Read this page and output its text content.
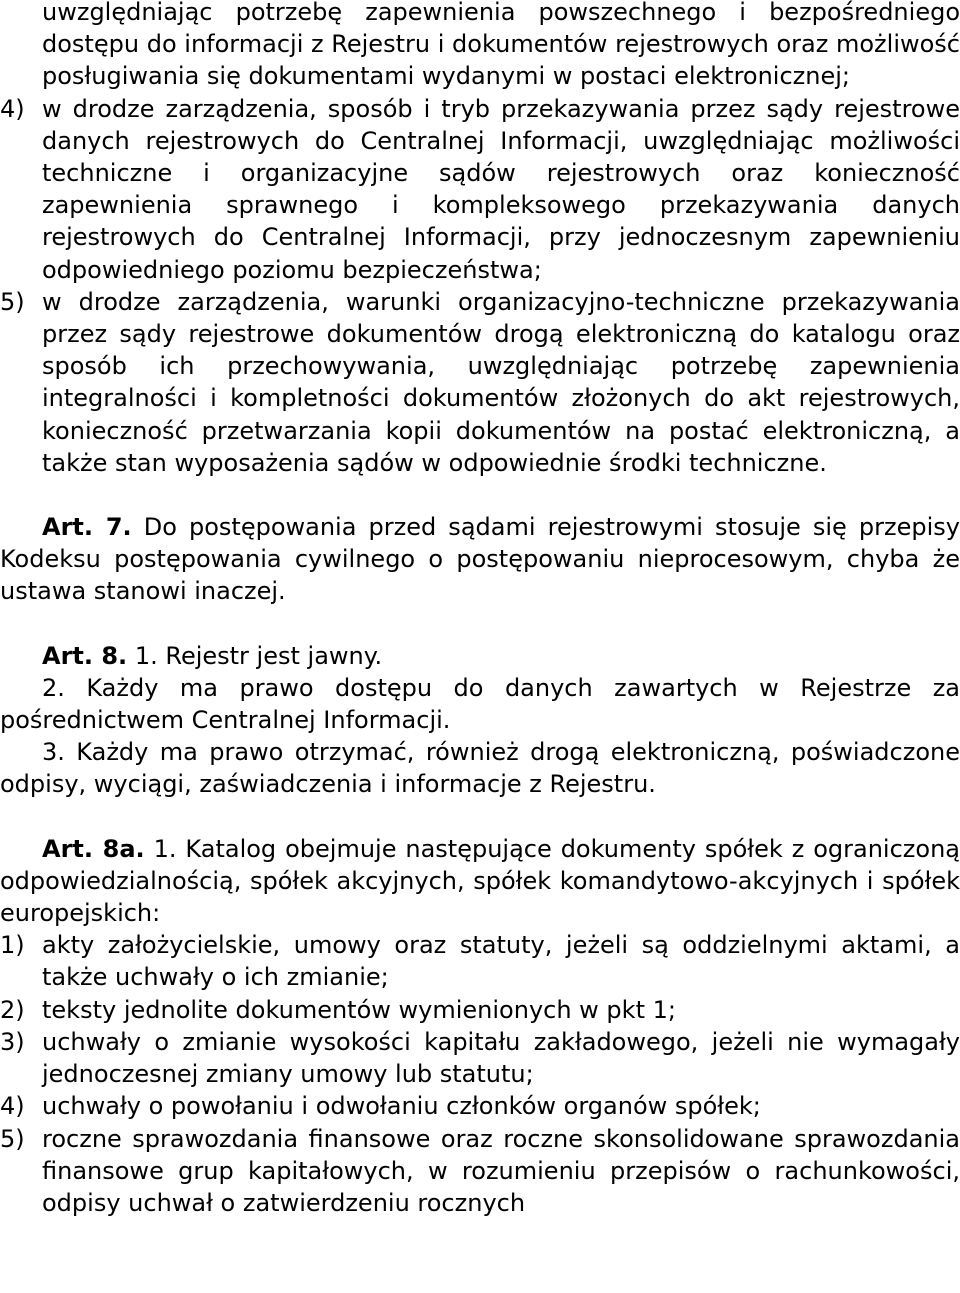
uwzględniając potrzebę zapewnienia powszechnego i bezpośredniego dostępu do informacji z Rejestru i dokumentów rejestrowych oraz możliwość posługiwania się dokumentami wydanymi w postaci elektronicznej;

4) w drodze zarządzenia, sposób i tryb przekazywania przez sądy rejestrowe danych rejestrowych do Centralnej Informacji, uwzględniając możliwości techniczne i organizacyjne sądów rejestrowych oraz konieczność zapewnienia sprawnego i kompleksowego przekazywania danych rejestrowych do Centralnej Informacji, przy jednoczesnym zapewnieniu odpowiedniego poziomu bezpieczeństwa;
5) w drodze zarządzenia, warunki organizacyjno-techniczne przekazywania przez sądy rejestrowe dokumentów drogą elektroniczną do katalogu oraz sposób ich przechowywania, uwzględniając potrzebę zapewnienia integralności i kompletności dokumentów złożonych do akt rejestrowych, konieczność przetwarzania kopii dokumentów na postać elektroniczną, a także stan wyposażenia sądów w odpowiednie środki techniczne.

Art. 7. Do postępowania przed sądami rejestrowymi stosuje się przepisy Kodeksu postępowania cywilnego o postępowaniu nieprocesowym, chyba że ustawa stanowi inaczej.

Art. 8. 1. Rejestr jest jawny.

2. Każdy ma prawo dostępu do danych zawartych w Rejestrze za pośrednictwem Centralnej Informacji.

3. Każdy ma prawo otrzymać, również drogą elektroniczną, poświadczone odpisy, wyciągi, zaświadczenia i informacje z Rejestru.

Art. 8a. 1. Katalog obejmuje następujące dokumenty spółek z ograniczoną odpowiedzialnością, spółek akcyjnych, spółek komandytowo-akcyjnych i spółek europejskich:

1) akty założycielskie, umowy oraz statuty, jeżeli są oddzielnymi aktami, a także uchwały o ich zmianie;
2) teksty jednolite dokumentów wymienionych w pkt 1;
3) uchwały o zmianie wysokości kapitału zakładowego, jeżeli nie wymagały jednoczesnej zmiany umowy lub statutu;
4) uchwały o powołaniu i odwołaniu członków organów spółek;
5) roczne sprawozdania finansowe oraz roczne skonsolidowane sprawozdania finansowe grup kapitałowych, w rozumieniu przepisów o rachunkowości, odpisy uchwał o zatwierdzeniu rocznych
